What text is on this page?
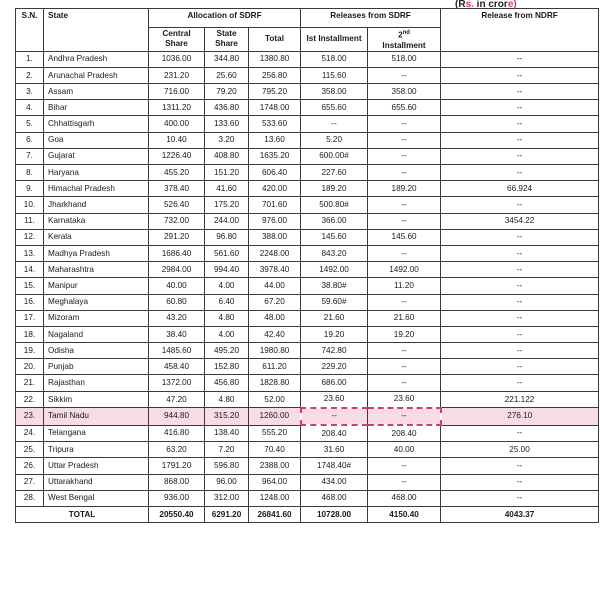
(Rs. in crore)
S.N.	State	Allocation of SDRF			Releases from SDRF		Release from NDRF
		Central Share	State Share	Total	Ist Installment	2nd
Installment	
1.	Andhra Pradesh	1036.00	344.80	1380.80	518.00	518.00	--
2.	Arunachal Pradesh	231.20	25.60	256.80	115.60	--	--
3.	Assam	716.00	79.20	795.20	358.00	358.00	--
4.	Bihar	1311.20	436.80	1748.00	655.60	655.60	--
5.	Chhattisgarh	400.00	133.60	533.60	--	--	--
6.	Goa	10.40	3.20	13.60	5.20	--	--
7.	Gujarat	1226.40	408.80	1635.20	600.00#	--	--
8.	Haryana	455.20	151.20	606.40	227.60	--	--
9.	Himachal Pradesh	378.40	41.60	420.00	189.20	189.20	66.924
10.	Jharkhand	526.40	175.20	701.60	500.80#	--	--
11.	Karnataka	732.00	244.00	976.00	366.00	--	3454.22
12.	Kerala	291.20	96.80	388.00	145.60	145.60	--
13.	Madhya Pradesh	1686.40	561.60	2248.00	843.20	--	--
14.	Maharashtra	2984.00	994.40	3978.40	1492.00	1492.00	--
15.	Manipur	40.00	4.00	44.00	38.80#	11.20	--
16.	Meghalaya	60.80	6.40	67.20	59.60#	--	--
17.	Mizoram	43.20	4.80	48.00	21.60	21.60	--
18.	Nagaland	38.40	4.00	42.40	19.20	19.20	--
19.	Odisha	1485.60	495.20	1980.80	742.80	--	--
20.	Punjab	458.40	152.80	611.20	229.20	--	--
21.	Rajasthan	1372.00	456.80	1828.80	686.00	--	--
22.	Sikkim	47.20	4.80	52.00	23.60	23.60	221.122
23.	Tamil Nadu	944.80	315.20	1260.00	--	--	276.10
24.	Telangana	416.80	138.40	555.20	208.40	208.40	--
25.	Tripura	63.20	7.20	70.40	31.60	40.00	25.00
26.	Uttar Pradesh	1791.20	596.80	2388.00	1748.40#	--	--
27.	Uttarakhand	868.00	96.00	964.00	434.00	--	--
28.	West Bengal	936.00	312.00	1248.00	468.00	468.00	--
TOTAL		20550.40	6291.20	26841.60	10728.00	4150.40	4043.37
